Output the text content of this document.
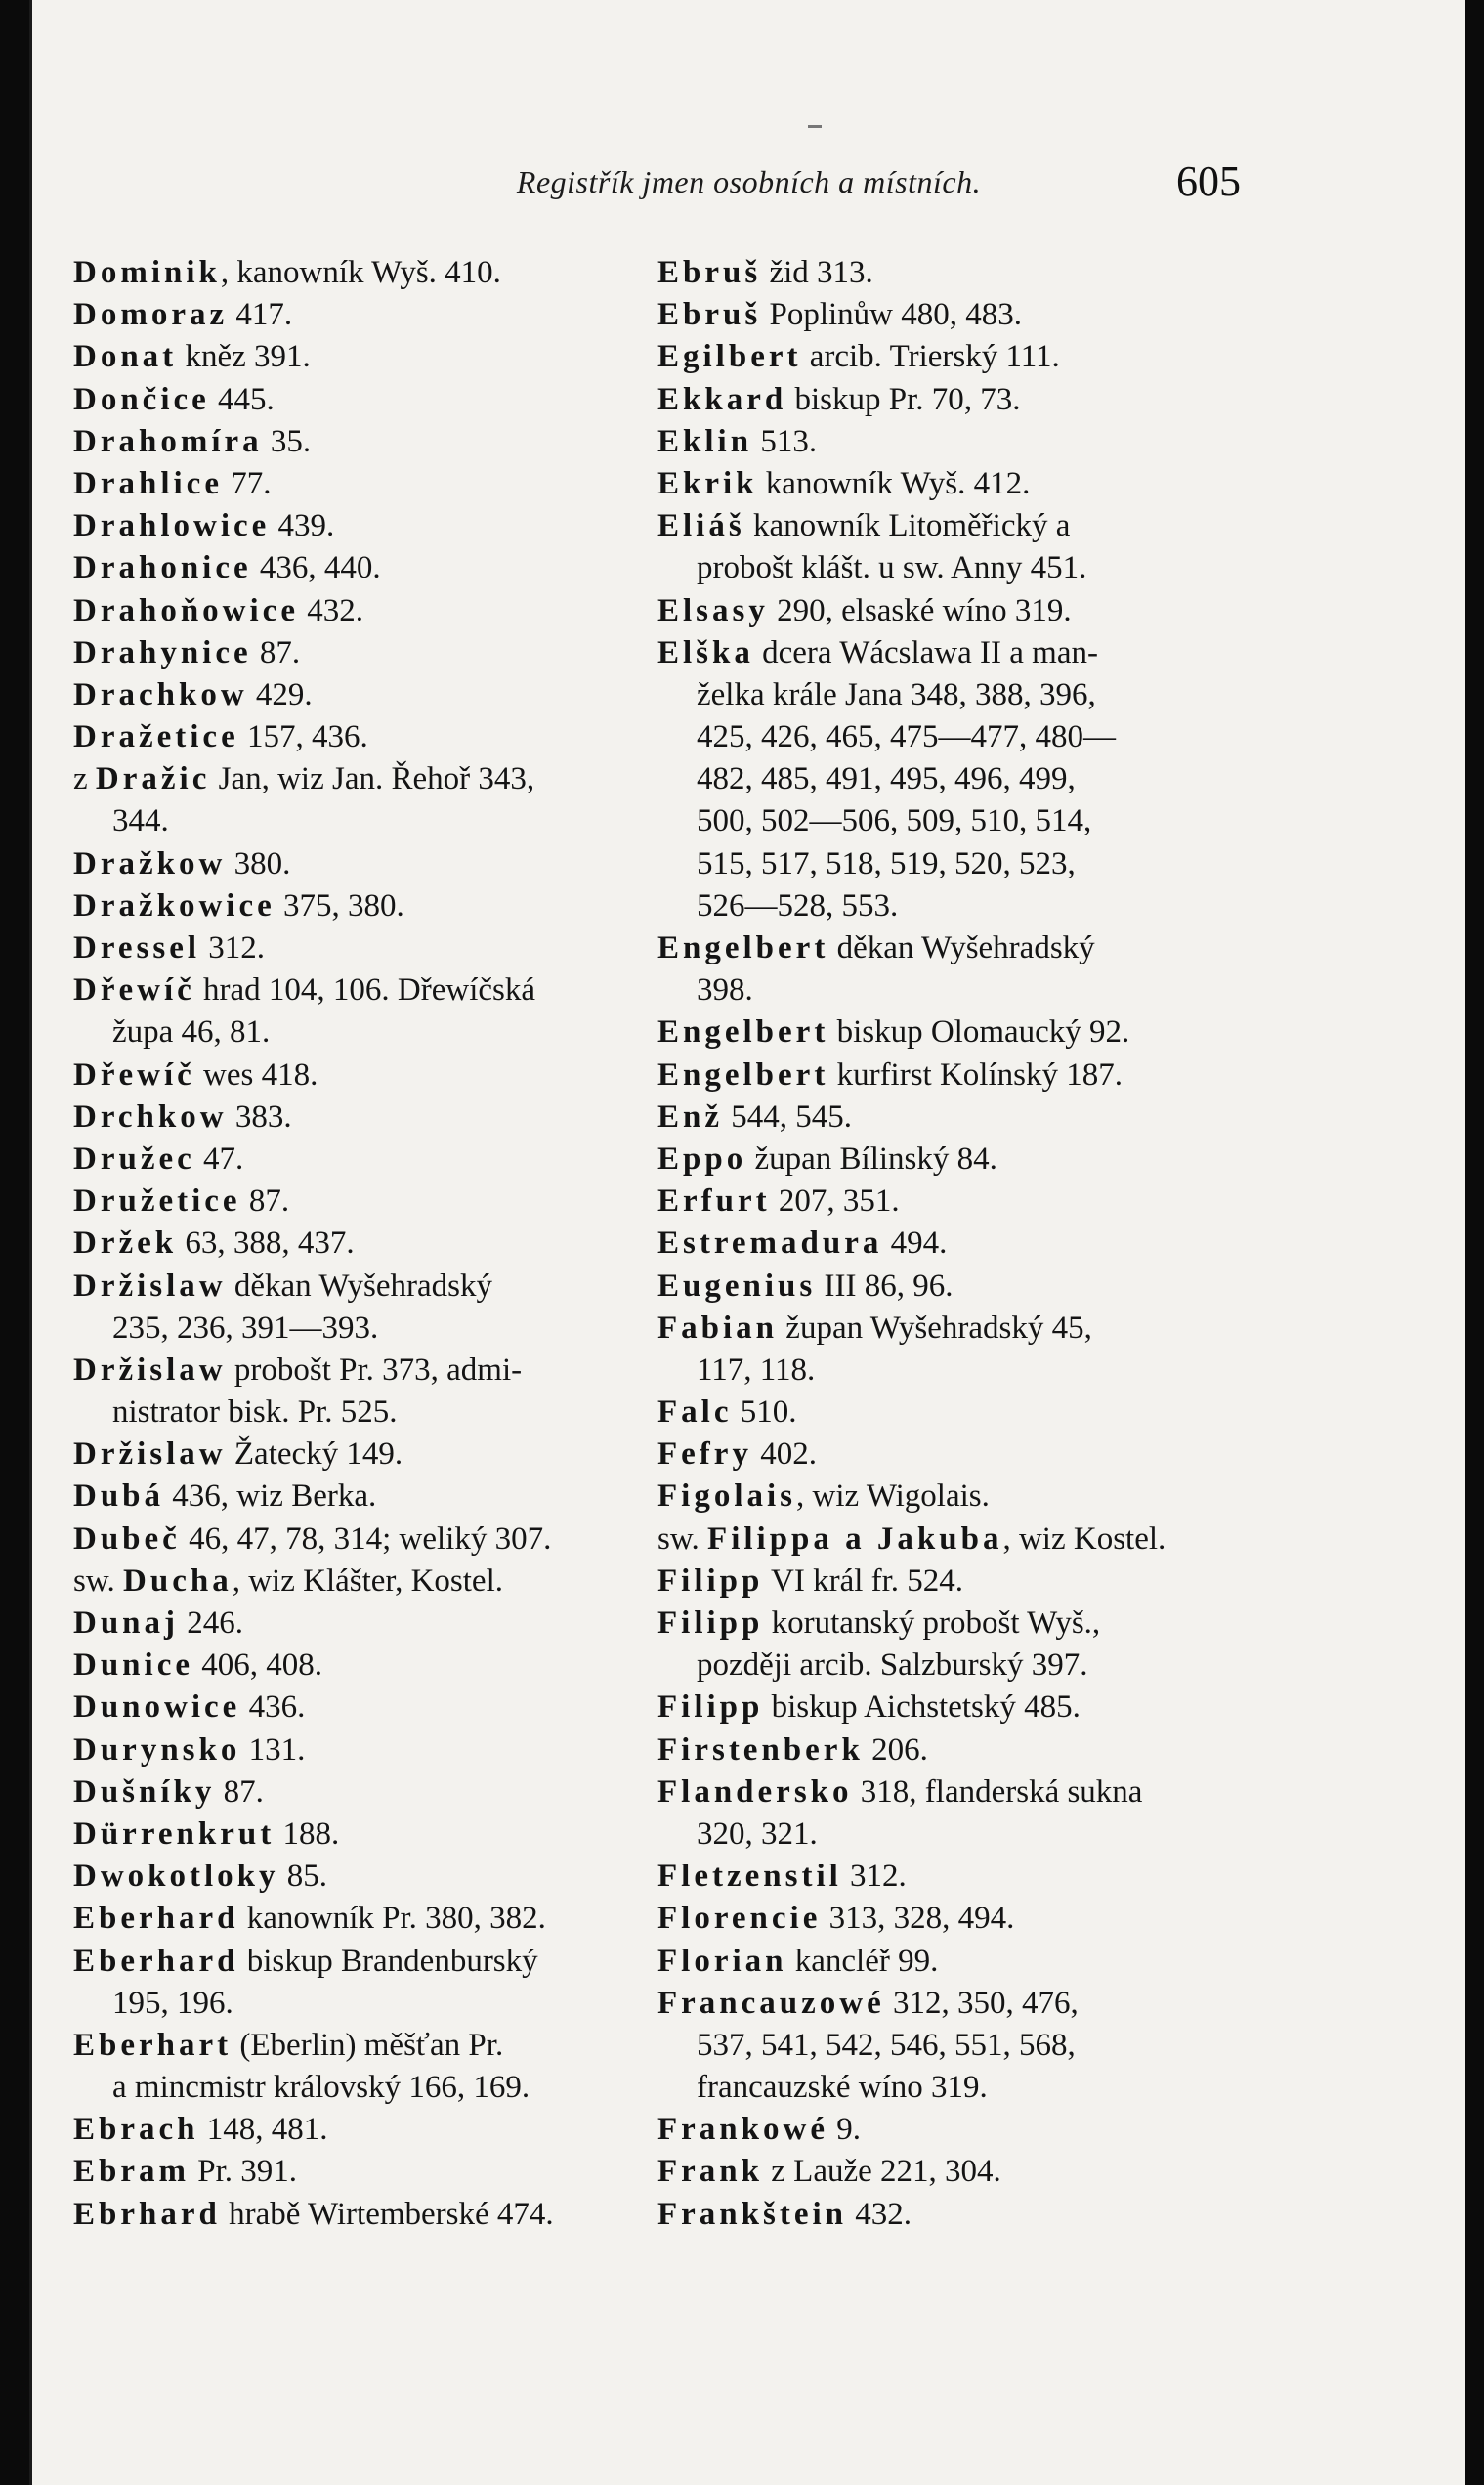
Registřík jmen osobních a místních.	605
Dominik, kanowník Wyš. 410.
Domoraz 417.
Donat kněz 391.
Dončice 445.
Drahomíra 35.
Drahlice 77.
Drahlowice 439.
Drahonice 436, 440.
Drahoňowice 432.
Drahynice 87.
Drachkow 429.
Dražetice 157, 436.
z Dražic Jan, wiz Jan. Řehoř 343,
344.
Dražkow 380.
Dražkowice 375, 380.
Dressel 312.
Dřewíč hrad 104, 106. Dřewíčská
župa 46, 81.
Dřewíč wes 418.
Drchkow 383.
Družec 47.
Družetice 87.
Držek 63, 388, 437.
Držislaw děkan Wyšehradský
235, 236, 391—393.
Držislaw probošt Pr. 373, admi-
nistrator bisk. Pr. 525.
Držislaw Žatecký 149.
Dubá 436, wiz Berka.
Dubeč 46, 47, 78, 314; weliký 307.
sw. Ducha, wiz Klášter, Kostel.
Dunaj 246.
Dunice 406, 408.
Dunowice 436.
Durynsko 131.
Dušníky 87.
Dürrenkrut 188.
Dwokotloky 85.
Eberhard kanowník Pr. 380, 382.
Eberhard biskup Brandenburský
195, 196.
Eberhart (Eberlin) měšťan Pr.
a mincmistr královský 166, 169.
Ebrach 148, 481.
Ebram Pr. 391.
Ebrhard hrabě Wirtemberské 474.
Ebruš žid 313.
Ebruš Poplinůw 480, 483.
Egilbert arcib. Trierský 111.
Ekkard biskup Pr. 70, 73.
Eklin 513.
Ekrik kanowník Wyš. 412.
Eliáš kanowník Litoměřický a
probošt klášt. u sw. Anny 451.
Elsasy 290, elsaské wíno 319.
Elška dcera Wácslawa II a man-
želka krále Jana 348, 388, 396,
425, 426, 465, 475—477, 480—
482, 485, 491, 495, 496, 499,
500, 502—506, 509, 510, 514,
515, 517, 518, 519, 520, 523,
526—528, 553.
Engelbert děkan Wyšehradský
398.
Engelbert biskup Olomaucký 92.
Engelbert kurfirst Kolínský 187.
Enž 544, 545.
Eppo župan Bílinský 84.
Erfurt 207, 351.
Estremadura 494.
Eugenius III 86, 96.
Fabian župan Wyšehradský 45,
117, 118.
Falc 510.
Fefry 402.
Figolais, wiz Wigolais.
sw. Filippa a Jakuba, wiz Kostel.
Filipp VI král fr. 524.
Filipp korutanský probošt Wyš.,
později arcib. Salzburský 397.
Filipp biskup Aichstetský 485.
Firstenberk 206.
Flandersko 318, flanderská sukna
320, 321.
Fletzenstil 312.
Florencie 313, 328, 494.
Florian kancléř 99.
Francauzowé 312, 350, 476,
537, 541, 542, 546, 551, 568,
francauzské wíno 319.
Frankowé 9.
Frank z Lauže 221, 304.
Frankštein 432.
